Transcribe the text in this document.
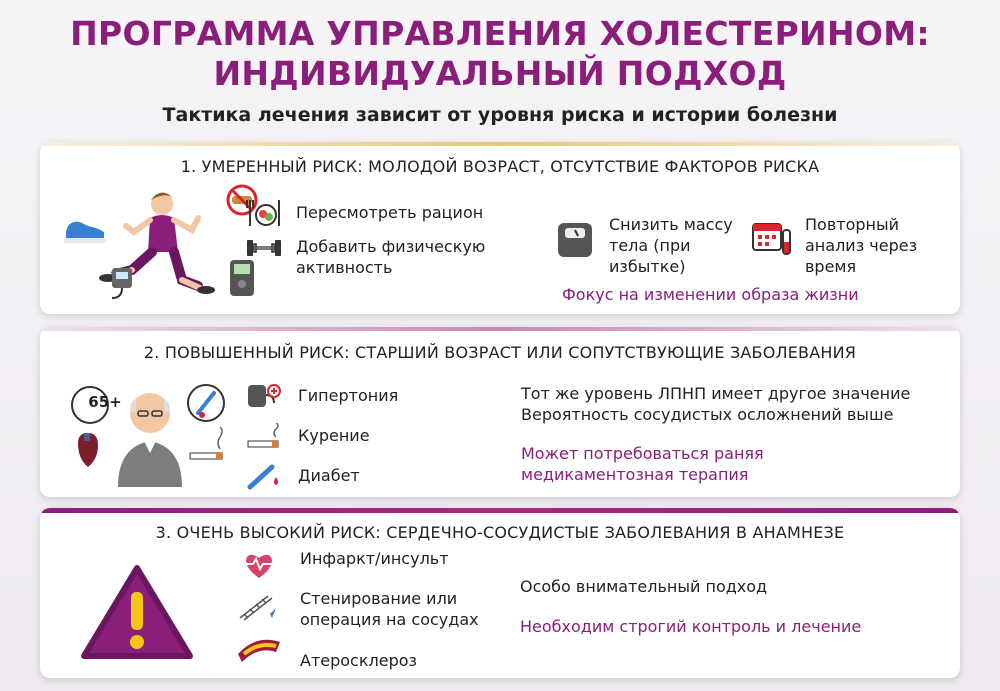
ПРОГРАММА УПРАВЛЕНИЯ ХОЛЕСТЕРИНОМ:
ИНДИВИДУАЛЬНЫЙ ПОДХОД
Тактика лечения зависит от уровня риска и истории болезни
1. УМЕРЕННЫЙ РИСК: МОЛОДОЙ ВОЗРАСТ, ОТСУТСТВИЕ ФАКТОРОВ РИСКА
Пересмотреть рацион
Добавить физическую
активность
Снизить массу
тела (при
избытке)
Повторный
анализ через
время
Фокус на изменении образа жизни
2. ПОВЫШЕННЫЙ РИСК: СТАРШИЙ ВОЗРАСТ ИЛИ СОПУТСТВУЮЩИЕ ЗАБОЛЕВАНИЯ
65+	Гипертония
Курение
Диабет
Тот же уровень ЛПНП имеет другое значение
Вероятность сосудистых осложнений выше
Может потребоваться раняя
медикаментозная терапия
3. ОЧЕНЬ ВЫСОКИЙ РИСК: СЕРДЕЧНО-СОСУДИСТЫЕ ЗАБОЛЕВАНИЯ В АНАМНЕЗЕ
Инфаркт/инсульт
Стенирование или
операция на сосудах
Атеросклероз
Особо внимательный подход
Необходим строгий контроль и лечение
